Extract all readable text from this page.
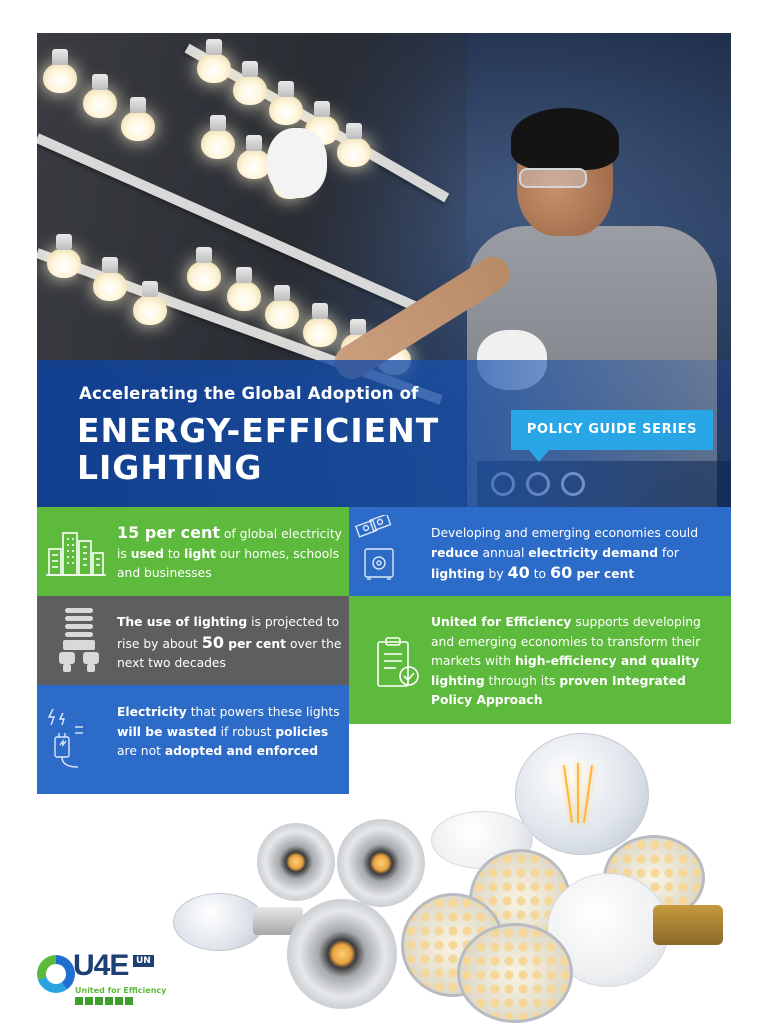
Accelerating the Global Adoption of
ENERGY-EFFICIENT
LIGHTING
POLICY GUIDE SERIES
15 per cent of global electricity is used to light our homes, schools and businesses
Developing and emerging economies could reduce annual electricity demand for lighting by 40 to 60 per cent
The use of lighting is projected to rise by about 50 per cent over the next two decades
United for Efficiency supports developing and emerging economies to transform their markets with high-efficiency and quality lighting through its proven Integrated Policy Approach
Electricity that powers these lights will be wasted if robust policies are not adopted and enforced
U4E UN
United for Efficiency
